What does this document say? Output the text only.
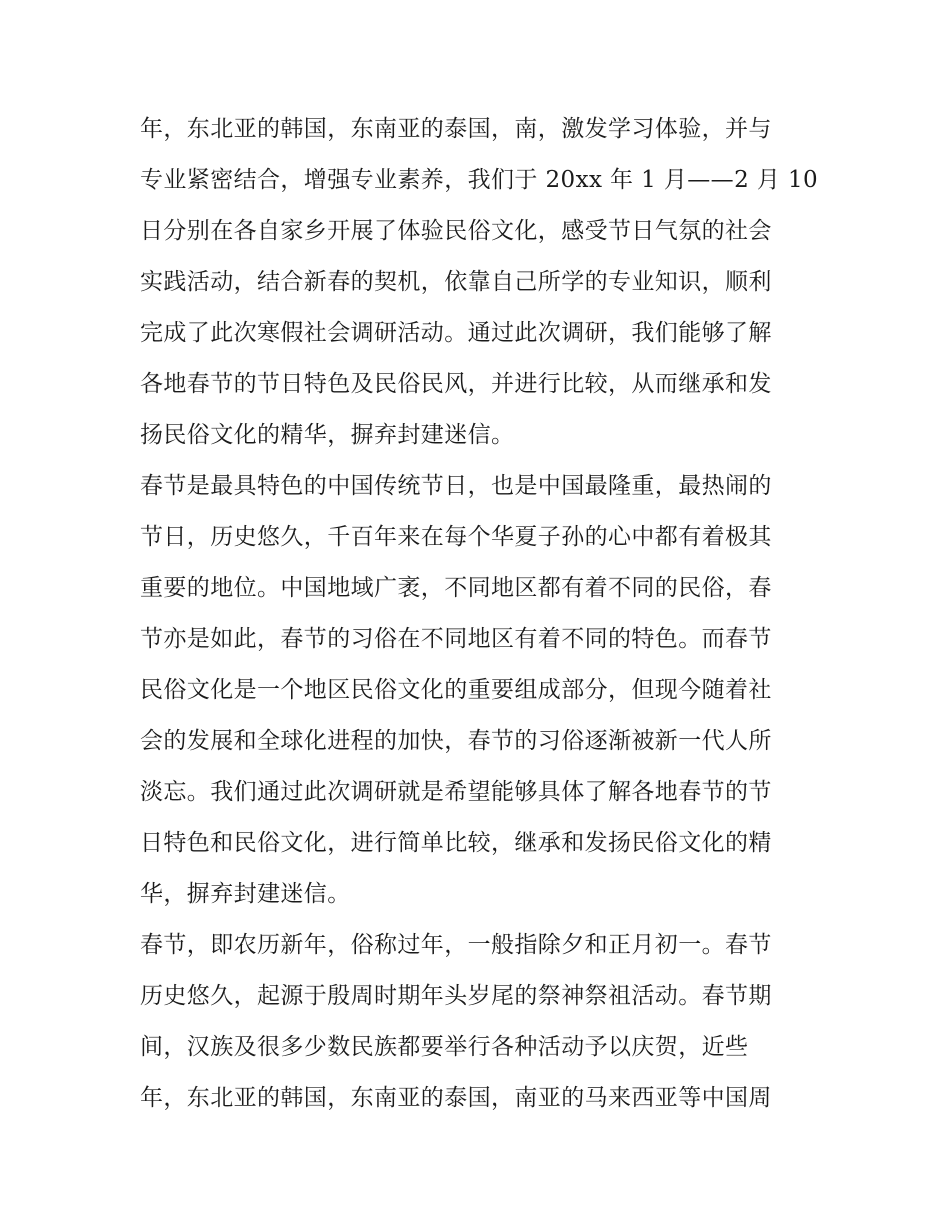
年，东北亚的韩国，东南亚的泰国，南，激发学习体验，并与
专业紧密结合，增强专业素养，我们于 20xx 年 1 月——2 月 10
日分别在各自家乡开展了体验民俗文化，感受节日气氛的社会
实践活动，结合新春的契机，依靠自己所学的专业知识，顺利
完成了此次寒假社会调研活动。通过此次调研，我们能够了解
各地春节的节日特色及民俗民风，并进行比较，从而继承和发
扬民俗文化的精华，摒弃封建迷信。
春节是最具特色的中国传统节日，也是中国最隆重，最热闹的
节日，历史悠久，千百年来在每个华夏子孙的心中都有着极其
重要的地位。中国地域广袤，不同地区都有着不同的民俗，春
节亦是如此，春节的习俗在不同地区有着不同的特色。而春节
民俗文化是一个地区民俗文化的重要组成部分，但现今随着社
会的发展和全球化进程的加快，春节的习俗逐渐被新一代人所
淡忘。我们通过此次调研就是希望能够具体了解各地春节的节
日特色和民俗文化，进行简单比较，继承和发扬民俗文化的精
华，摒弃封建迷信。
春节，即农历新年，俗称过年，一般指除夕和正月初一。春节
历史悠久，起源于殷周时期年头岁尾的祭神祭祖活动。春节期
间，汉族及很多少数民族都要举行各种活动予以庆贺，近些
年，东北亚的韩国，东南亚的泰国，南亚的马来西亚等中国周
